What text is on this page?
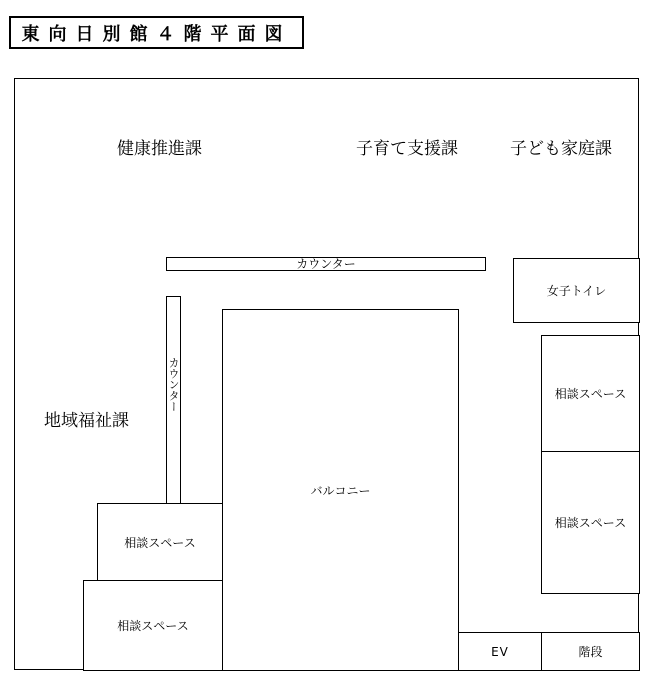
東向日別館４階平面図
健康推進課	子育て支援課	子ども家庭課
地域福祉課
カウンター
カウンター
バルコニー
女子トイレ
相談スペース
相談スペース
相談スペース
相談スペース
EV	階段
